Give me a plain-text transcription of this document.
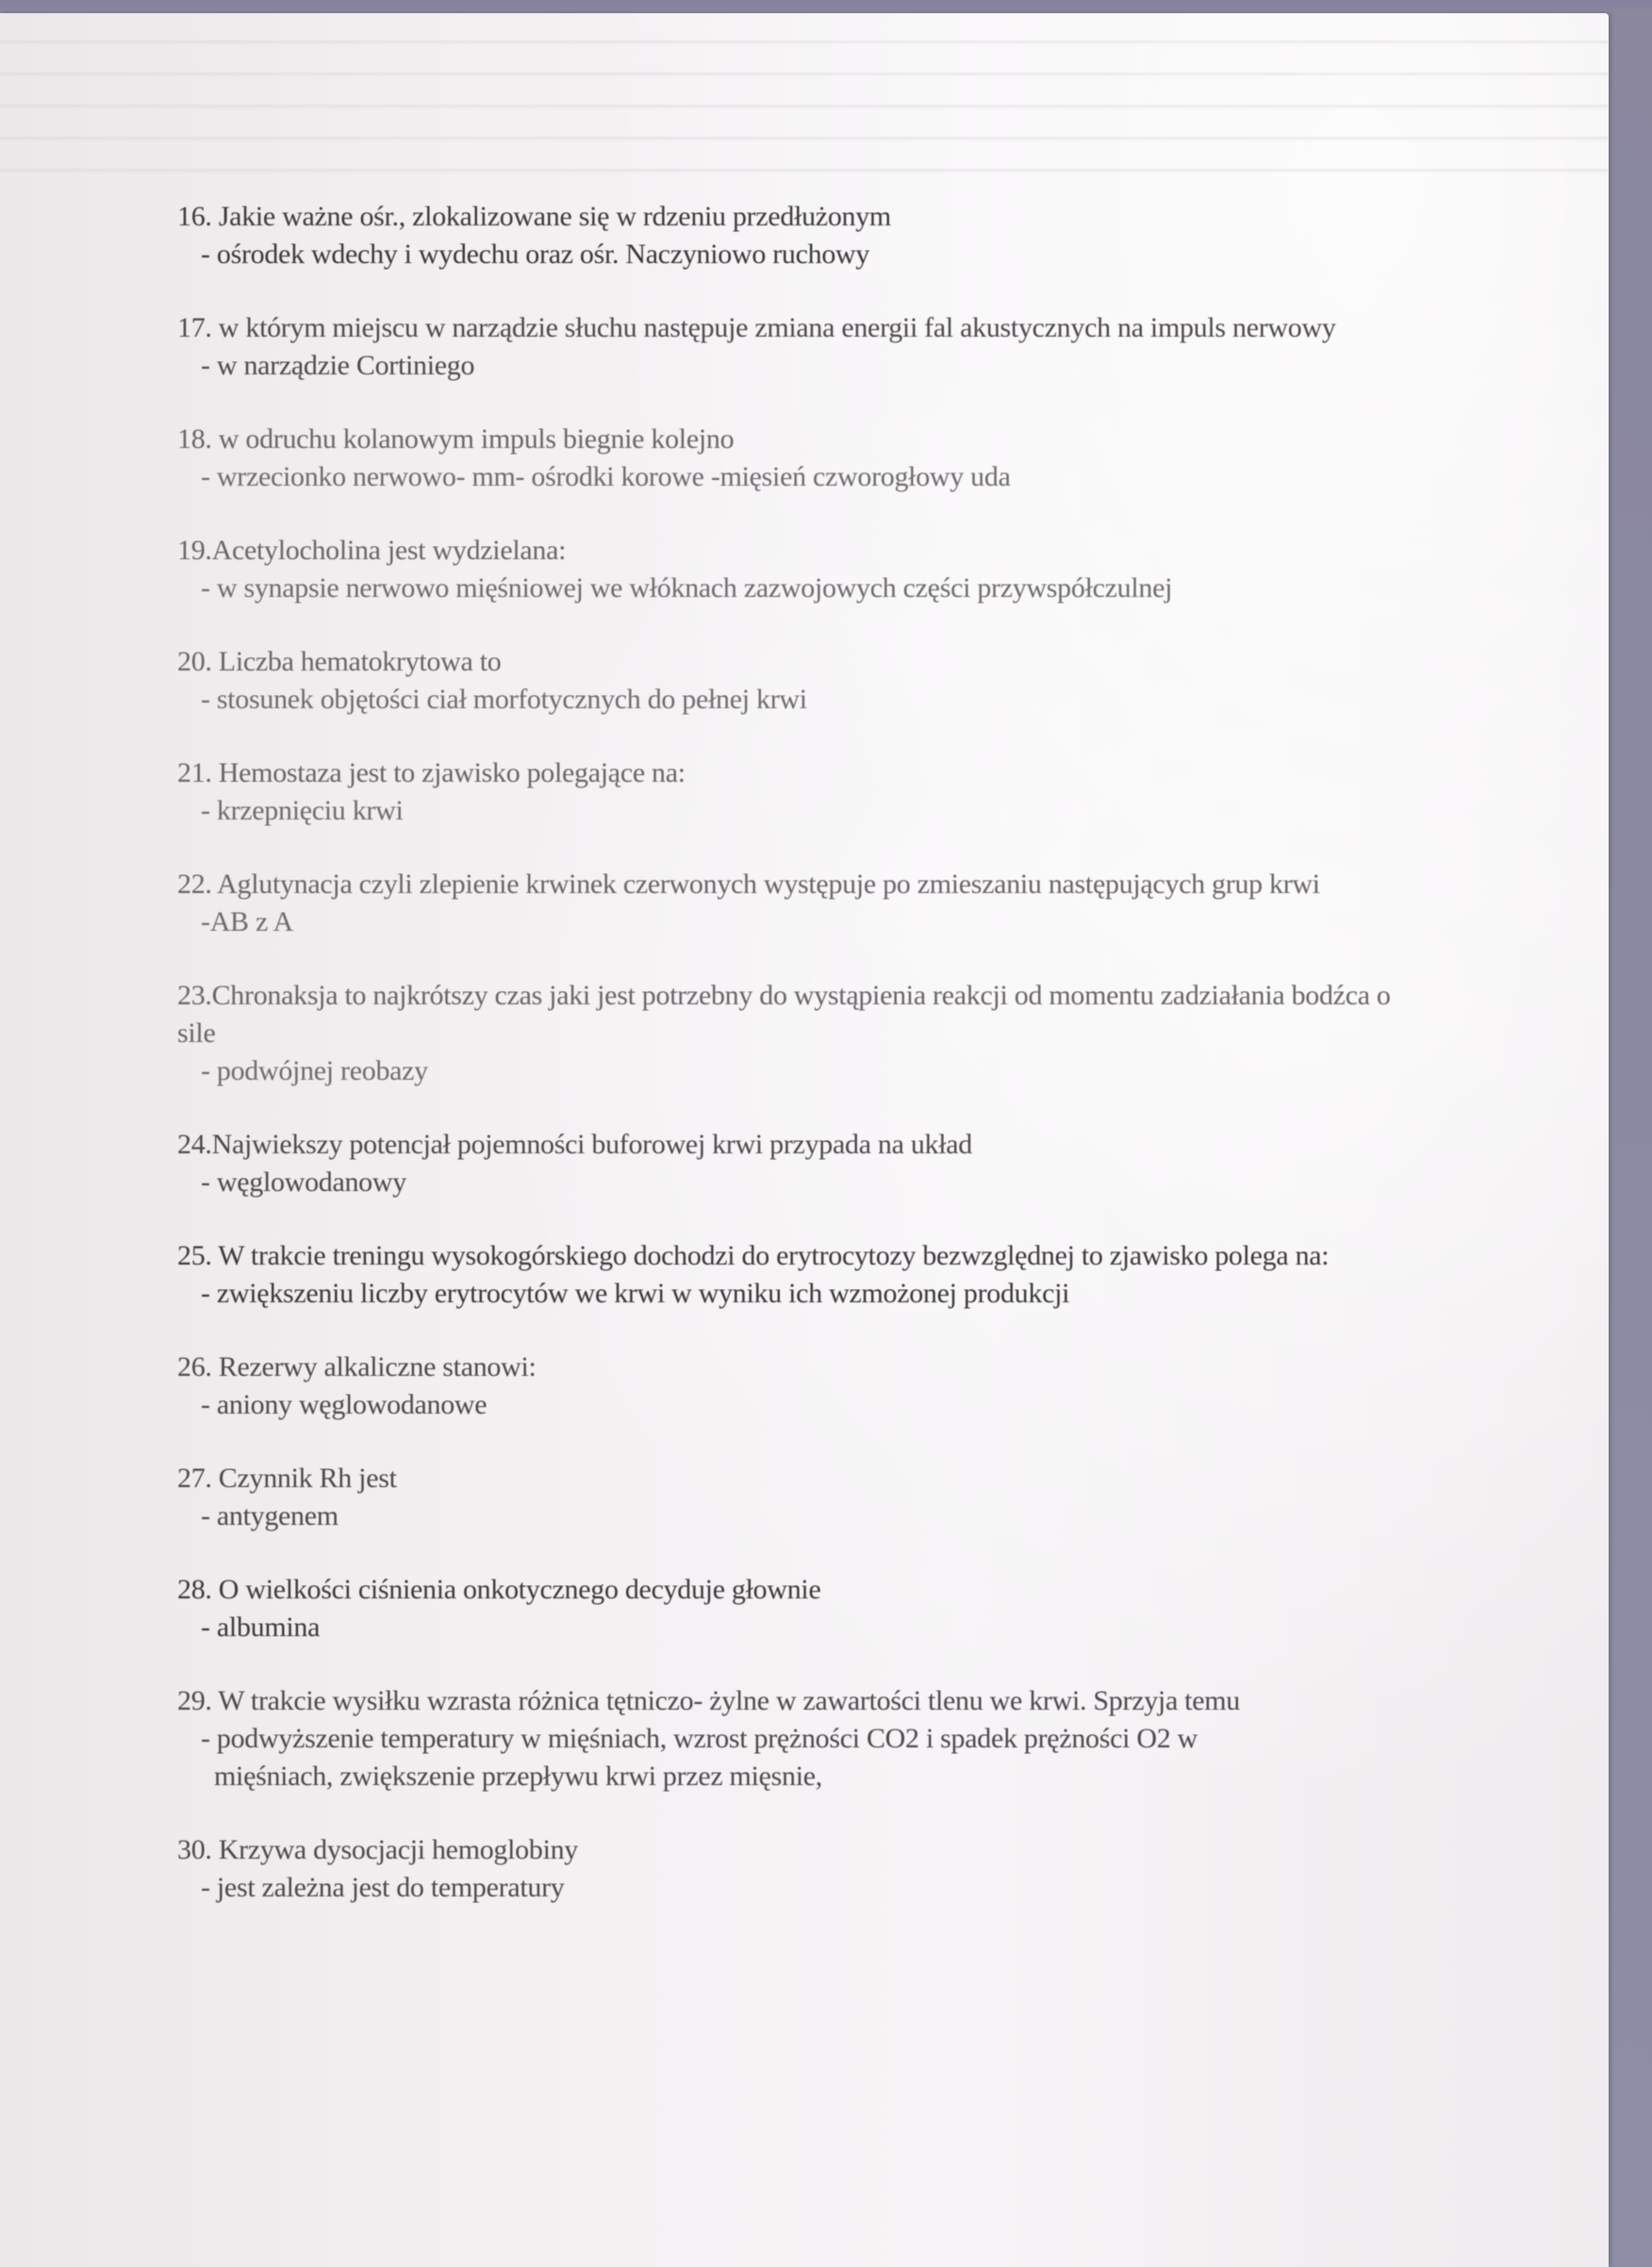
16. Jakie ważne ośr., zlokalizowane się w rdzeniu przedłużonym
- ośrodek wdechy i wydechu oraz ośr. Naczyniowo ruchowy
17. w którym miejscu w narządzie słuchu następuje zmiana energii fal akustycznych na impuls nerwowy
- w narządzie Cortiniego
18. w odruchu kolanowym impuls biegnie kolejno
- wrzecionko nerwowo- mm- ośrodki korowe -mięsień czworogłowy uda
19.Acetylocholina jest wydzielana:
- w synapsie nerwowo mięśniowej we włóknach zazwojowych części przywspółczulnej
20. Liczba hematokrytowa to
- stosunek objętości ciał morfotycznych do pełnej krwi
21. Hemostaza jest to zjawisko polegające na:
- krzepnięciu krwi
22. Aglutynacja czyli zlepienie krwinek czerwonych występuje po zmieszaniu następujących grup krwi
-AB z A
23.Chronaksja to najkrótszy czas jaki jest potrzebny do wystąpienia reakcji od momentu zadziałania bodźca o sile
- podwójnej reobazy
24.Najwiekszy potencjał pojemności buforowej krwi przypada na układ
- węglowodanowy
25. W trakcie treningu wysokogórskiego dochodzi do erytrocytozy bezwzględnej to zjawisko polega na:
- zwiększeniu liczby erytrocytów we krwi w wyniku ich wzmożonej produkcji
26. Rezerwy alkaliczne stanowi:
- aniony węglowodanowe
27. Czynnik Rh jest
- antygenem
28. O wielkości ciśnienia onkotycznego decyduje głownie
- albumina
29. W trakcie wysiłku wzrasta różnica tętniczo- żylne w zawartości tlenu we krwi. Sprzyja temu
- podwyższenie temperatury w mięśniach, wzrost prężności CO2 i spadek prężności O2 w
mięśniach, zwiększenie przepływu krwi przez mięsnie,
30. Krzywa dysocjacji hemoglobiny
- jest zależna jest do temperatury
